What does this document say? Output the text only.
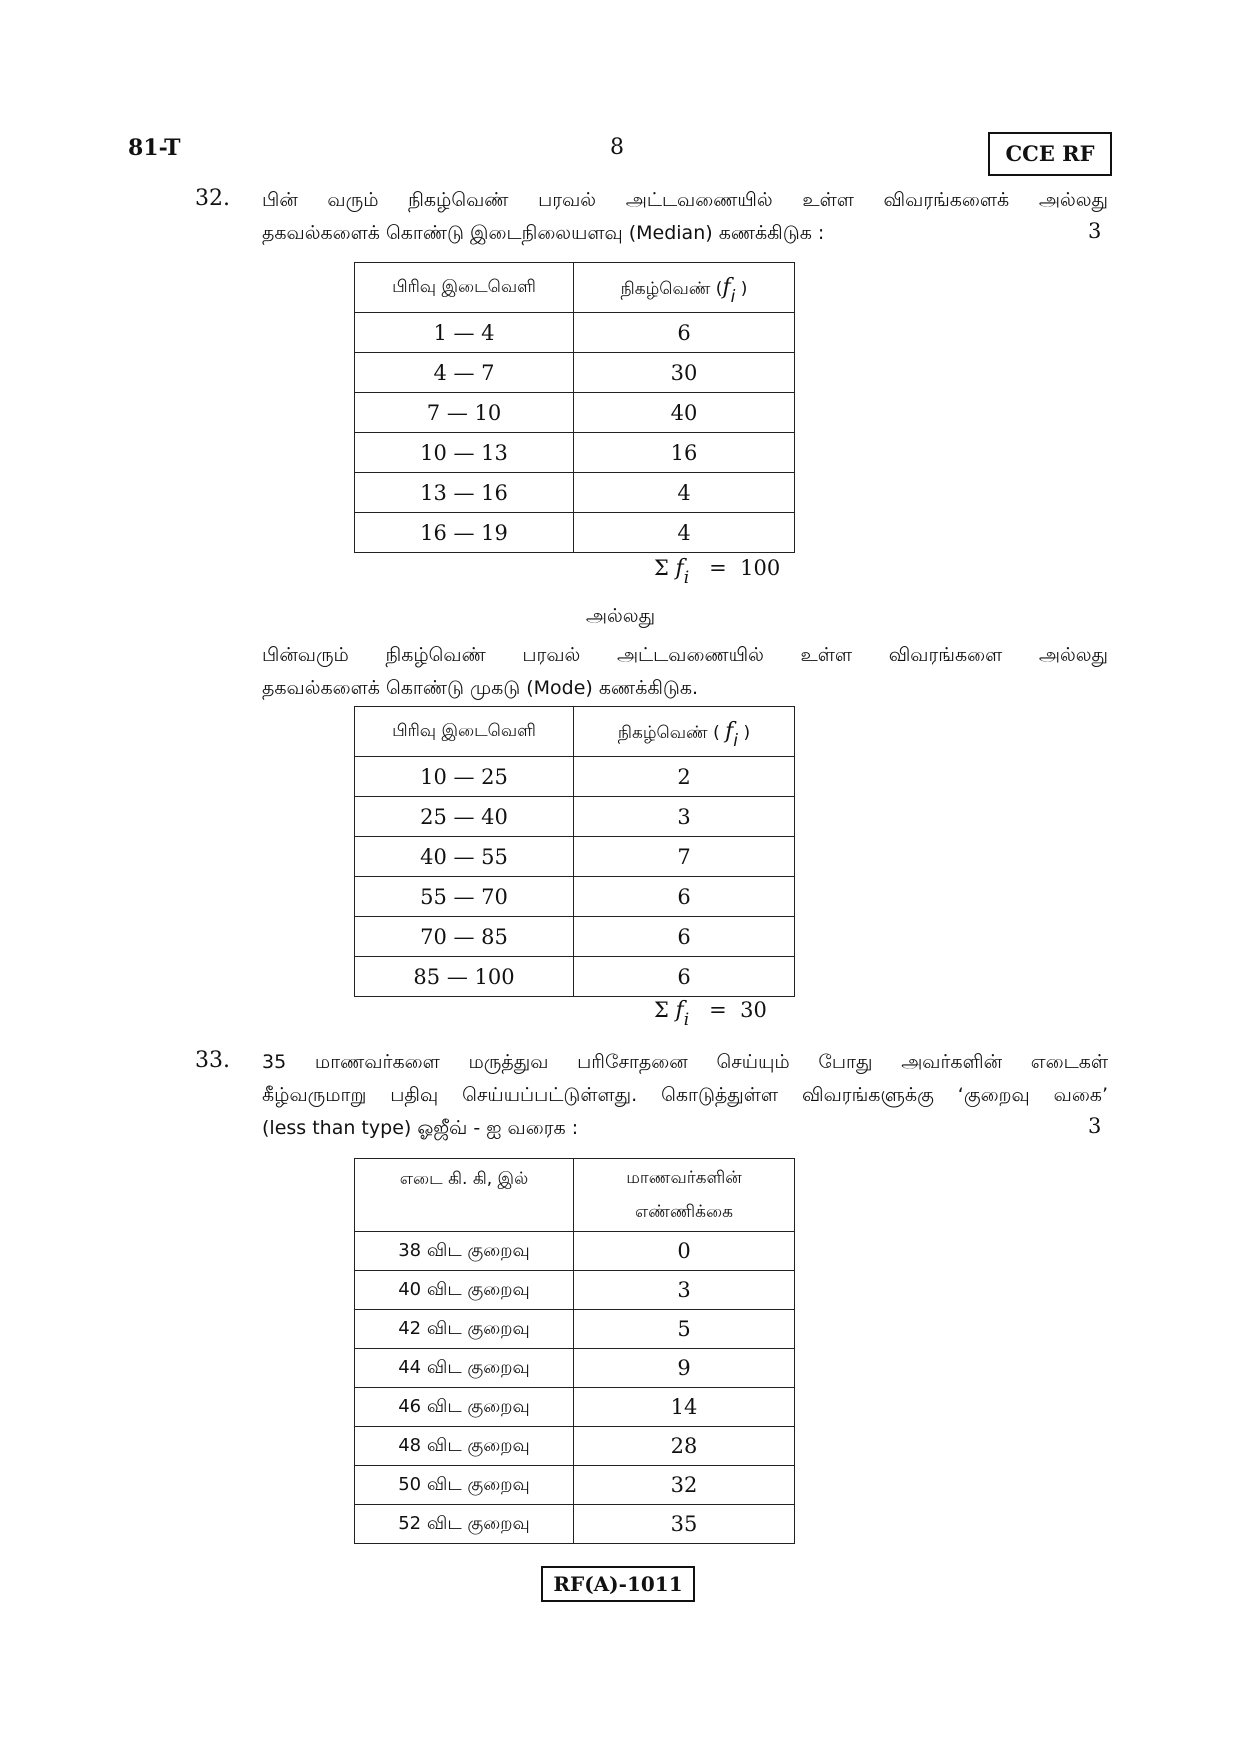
81-T	8	CCE RF
32. பின் வரும் நிகழ்வெண் பரவல் அட்டவணையில் உள்ள விவரங்களைக் அல்லது
தகவல்களைக் கொண்டு இடைநிலையளவு (Median) கணக்கிடுக :	3
பிரிவு இடைவெளி	நிகழ்வெண் (fi )
1 — 4	6
4 — 7	30
7 — 10	40
10 — 13	16
13 — 16	4
16 — 19	4
Σ $f_i = 100$
அல்லது
பின்வரும் நிகழ்வெண் பரவல் அட்டவணையில் உள்ள விவரங்களை அல்லது
தகவல்களைக் கொண்டு முகடு (Mode) கணக்கிடுக.
பிரிவு இடைவெளி	நிகழ்வெண் ( fi )
10 — 25	2
25 — 40	3
40 — 55	7
55 — 70	6
70 — 85	6
85 — 100	6
Σ $f_i = 30$
33. 35 மாணவர்களை மருத்துவ பரிசோதனை செய்யும் போது அவர்களின் எடைகள்
கீழ்வருமாறு பதிவு செய்யப்பட்டுள்ளது. கொடுத்துள்ள விவரங்களுக்கு ‘குறைவு வகை’
(less than type) ஓஜீவ் - ஐ வரைக :	3
எடை கி. கி, இல்	மாணவர்களின்
எண்ணிக்கை
38 விட குறைவு	0
40 விட குறைவு	3
42 விட குறைவு	5
44 விட குறைவு	9
46 விட குறைவு	14
48 விட குறைவு	28
50 விட குறைவு	32
52 விட குறைவு	35
RF(A)-1011
